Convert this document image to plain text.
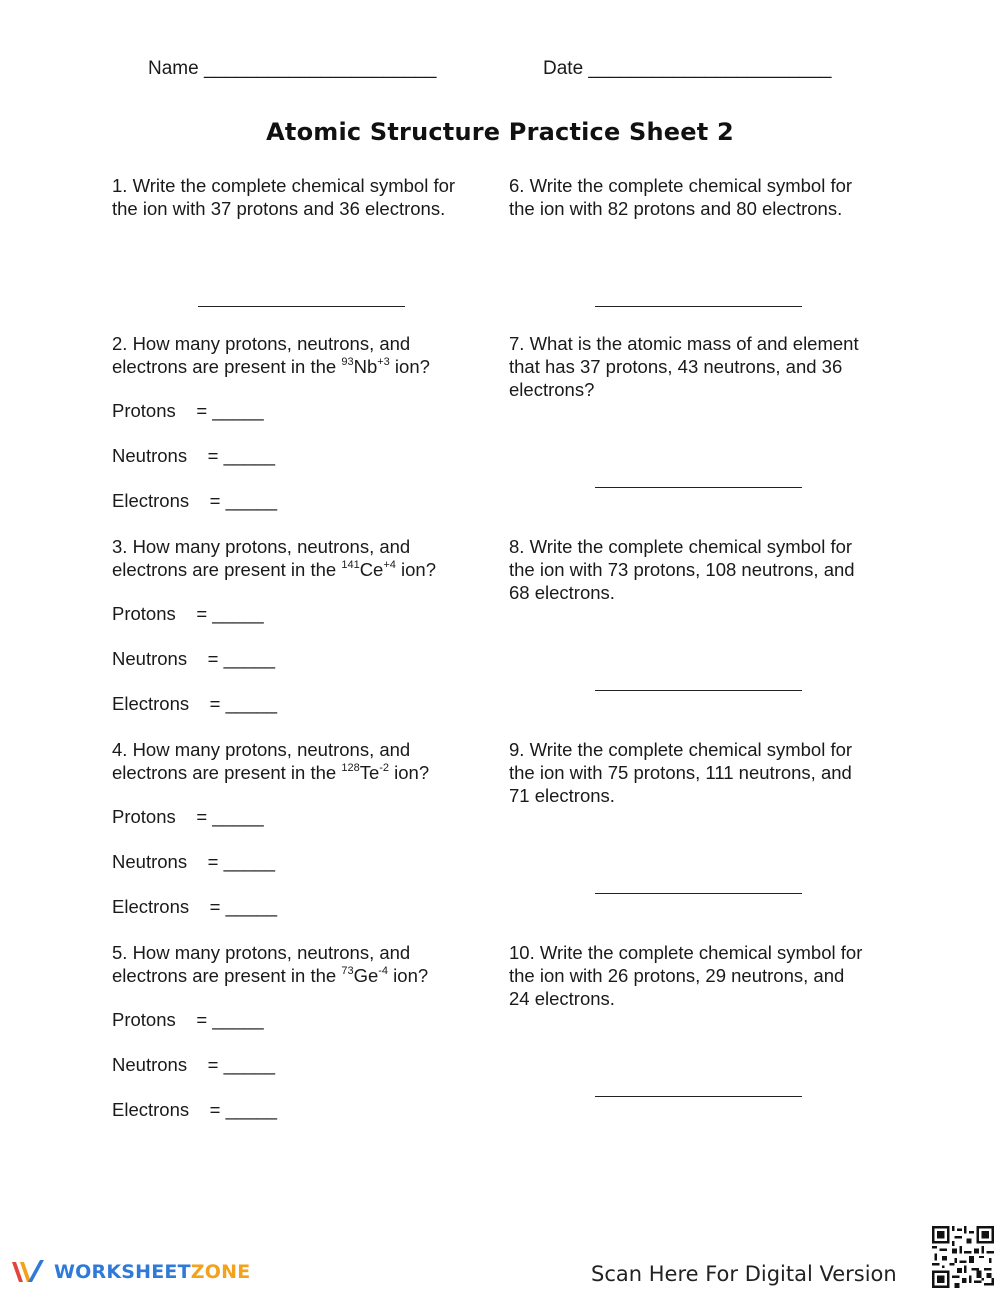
Name ______________________	Date _______________________
Atomic Structure Practice Sheet 2

1. Write the complete chemical symbol for

the ion with 37 protons and 36 electrons.

2. How many protons, neutrons, and

electrons are present in the $^{93}Nb^{+3}$ ion?

Protons    = _____
Neutrons    = _____
Electrons    = _____

3. How many protons, neutrons, and

electrons are present in the $^{141}Ce^{+4}$ ion?

Protons    = _____
Neutrons    = _____
Electrons    = _____

4. How many protons, neutrons, and

electrons are present in the $^{128}Te^{-2}$ ion?

Protons    = _____
Neutrons    = _____
Electrons    = _____

5. How many protons, neutrons, and

electrons are present in the $^{73}Ge^{-4}$ ion?

Protons    = _____
Neutrons    = _____
Electrons    = _____

6. Write the complete chemical symbol for

the ion with 82 protons and 80 electrons.

7. What is the atomic mass of and element

that has 37 protons, 43 neutrons, and 36

electrons?

8. Write the complete chemical symbol for

the ion with 73 protons, 108 neutrons, and

68 electrons.

9. Write the complete chemical symbol for

the ion with 75 protons, 111 neutrons, and

71 electrons.

10. Write the complete chemical symbol for

the ion with 26 protons, 29 neutrons, and

24 electrons.

WORKSHEETZONE	Scan Here For Digital Version
